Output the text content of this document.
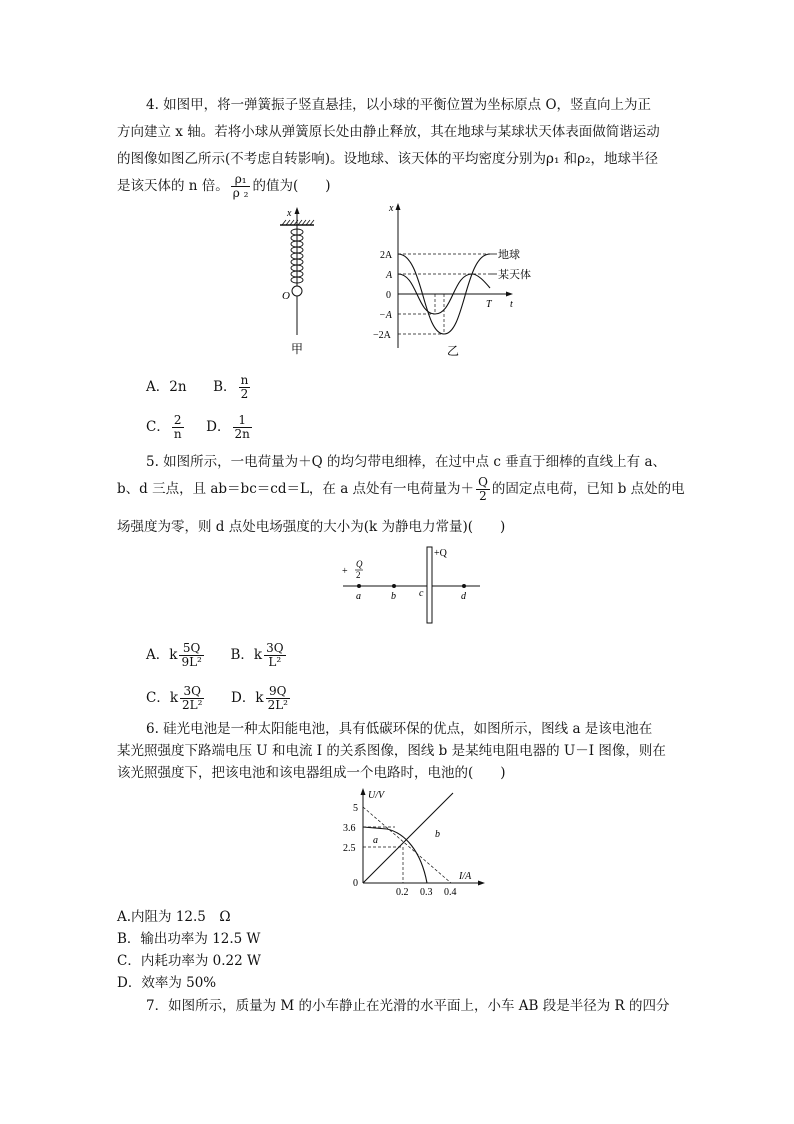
4. 如图甲，将一弹簧振子竖直悬挂，以小球的平衡位置为坐标原点 O，竖直向上为正
方向建立 x 轴。若将小球从弹簧原长处由静止释放，其在地球与某球状天体表面做简谐运动
的图像如图乙所示(不考虑自转影响)。设地球、该天体的平均密度分别为ρ₁ 和ρ₂，地球半径
是该天体的 n 倍。 $\frac{\text{ρ₁}}{\text{ρ ₂}}$ 的值为(　　)
x
O
甲
x
t
2A
A
0
−A
−2A
T
地球
某天体
乙
A．2n B． $\frac{n}{2}$
C． $\frac{2}{n}$ D． $\frac{1}{2n}$
5. 如图所示，一电荷量为＋Q 的均匀带电细棒，在过中点 c 垂直于细棒的直线上有 a、
b、d 三点，且 ab＝bc＝cd＝L，在 a 点处有一电荷量为＋ $\frac{Q}{2}$ 的固定点电荷，已知 b 点处的电
场强度为零，则 d 点处电场强度的大小为(k 为静电力常量)(　　)
+Q
+
Q
2
a	b c	d
A．k $\frac{5Q}{\text{9L²}}$ B．k $\frac{3Q}{\text{L²}}$
C．k $\frac{3Q}{\text{2L²}}$ D．k $\frac{9Q}{\text{2L²}}$
6. 硅光电池是一种太阳能电池，具有低碳环保的优点，如图所示，图线 a 是该电池在
某光照强度下路端电压 U 和电流 I 的关系图像，图线 b 是某纯电阻电器的 U－I 图像，则在
该光照强度下，把该电池和该电器组成一个电路时，电池的(　　)
U/V
I/A
5
3.6
2.5
0
0.2 0.3 0.4
a
b
A.内阻为 12.5　Ω
B．输出功率为 12.5 W
C．内耗功率为 0.22 W
D．效率为 50%
7．如图所示，质量为 M 的小车静止在光滑的水平面上，小车 AB 段是半径为 R 的四分
